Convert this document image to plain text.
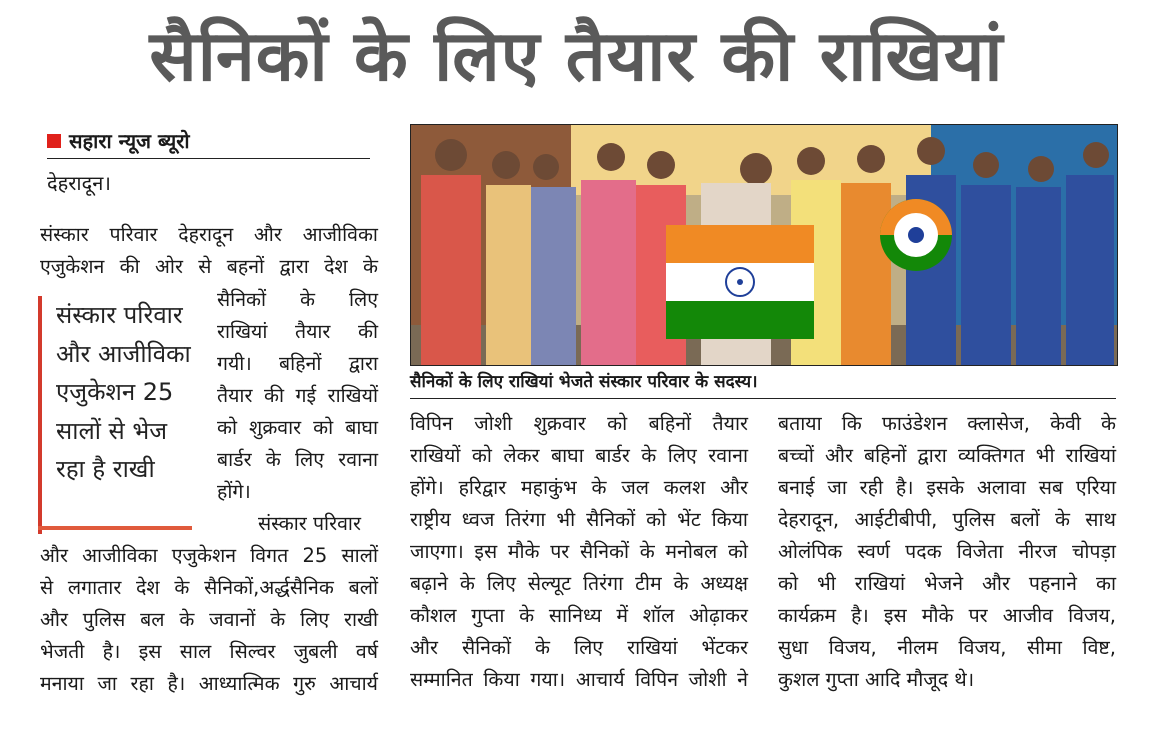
सैनिकों के लिए तैयार की राखियां
सहारा न्यूज ब्यूरो
देहरादून।
संस्कार परिवार देहरादून और आजीविका
एजुकेशन की ओर से बहनों द्वारा देश के
सैनिकों के लिए
राखियां तैयार की
गयी। बहिनों द्वारा
तैयार की गई राखियों
को शुक्रवार को बाघा
बार्डर के लिए रवाना
होंगे।
संस्कार परिवार
संस्कार परिवार और आजीविका एजुकेशन 25 सालों से भेज रहा है राखी
और आजीविका एजुकेशन विगत 25 सालों
से लगातार देश के सैनिकों,अर्द्धसैनिक बलों
और पुलिस बल के जवानों के लिए राखी
भेजती है। इस साल सिल्वर जुबली वर्ष
मनाया जा रहा है। आध्यात्मिक गुरु आचार्य
सैनिकों के लिए राखियां भेजते संस्कार परिवार के सदस्य।
विपिन जोशी शुक्रवार को बहिनों तैयार
राखियों को लेकर बाघा बार्डर के लिए रवाना
होंगे। हरिद्वार महाकुंभ के जल कलश और
राष्ट्रीय ध्वज तिरंगा भी सैनिकों को भेंट किया
जाएगा। इस मौके पर सैनिकों के मनोबल को
बढ़ाने के लिए सेल्यूट तिरंगा टीम के अध्यक्ष
कौशल गुप्ता के सानिध्य में शॉल ओढ़ाकर
और सैनिकों के लिए राखियां भेंटकर
सम्मानित किया गया। आचार्य विपिन जोशी ने
बताया कि फाउंडेशन क्लासेज, केवी के
बच्चों और बहिनों द्वारा व्यक्तिगत भी राखियां
बनाई जा रही है। इसके अलावा सब एरिया
देहरादून, आईटीबीपी, पुलिस बलों के साथ
ओलंपिक स्वर्ण पदक विजेता नीरज चोपड़ा
को भी राखियां भेजने और पहनाने का
कार्यक्रम है। इस मौके पर आजीव विजय,
सुधा विजय, नीलम विजय, सीमा विष्ट,
कुशल गुप्ता आदि मौजूद थे।
